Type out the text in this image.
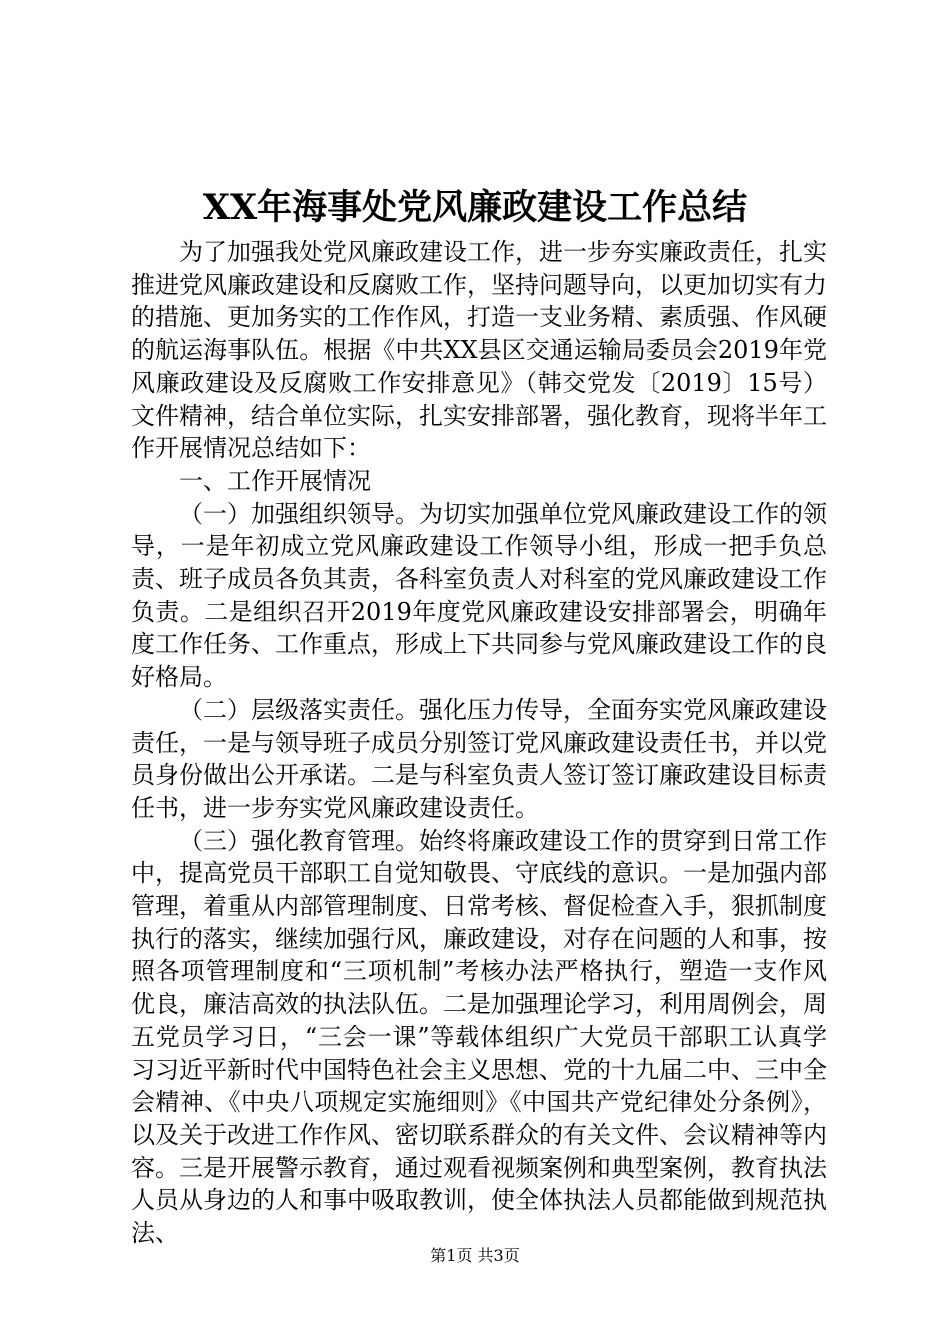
XX年海事处党风廉政建设工作总结

为了加强我处党风廉政建设工作，进一步夯实廉政责任，扎实推进党风廉政建设和反腐败工作，坚持问题导向，以更加切实有力的措施、更加务实的工作作风，打造一支业务精、素质强、作风硬的航运海事队伍。根据《中共XX县区交通运输局委员会2019年党风廉政建设及反腐败工作安排意见》（韩交党发〔2019〕15号）文件精神，结合单位实际，扎实安排部署，强化教育，现将半年工作开展情况总结如下：

一、工作开展情况

（一）加强组织领导。为切实加强单位党风廉政建设工作的领导，一是年初成立党风廉政建设工作领导小组，形成一把手负总责、班子成员各负其责，各科室负责人对科室的党风廉政建设工作负责。二是组织召开2019年度党风廉政建设安排部署会，明确年度工作任务、工作重点，形成上下共同参与党风廉政建设工作的良好格局。

（二）层级落实责任。强化压力传导，全面夯实党风廉政建设责任，一是与领导班子成员分别签订党风廉政建设责任书，并以党员身份做出公开承诺。二是与科室负责人签订签订廉政建设目标责任书，进一步夯实党风廉政建设责任。

（三）强化教育管理。始终将廉政建设工作的贯穿到日常工作中，提高党员干部职工自觉知敬畏、守底线的意识。一是加强内部管理，着重从内部管理制度、日常考核、督促检查入手，狠抓制度执行的落实，继续加强行风，廉政建设，对存在问题的人和事，按照各项管理制度和“三项机制”考核办法严格执行，塑造一支作风优良，廉洁高效的执法队伍。二是加强理论学习，利用周例会，周五党员学习日，“三会一课”等载体组织广大党员干部职工认真学习习近平新时代中国特色社会主义思想、党的十九届二中、三中全会精神、《中央八项规定实施细则》《中国共产党纪律处分条例》，以及关于改进工作作风、密切联系群众的有关文件、会议精神等内容。三是开展警示教育，通过观看视频案例和典型案例，教育执法人员从身边的人和事中吸取教训，使全体执法人员都能做到规范执法、

第1页 共3页
